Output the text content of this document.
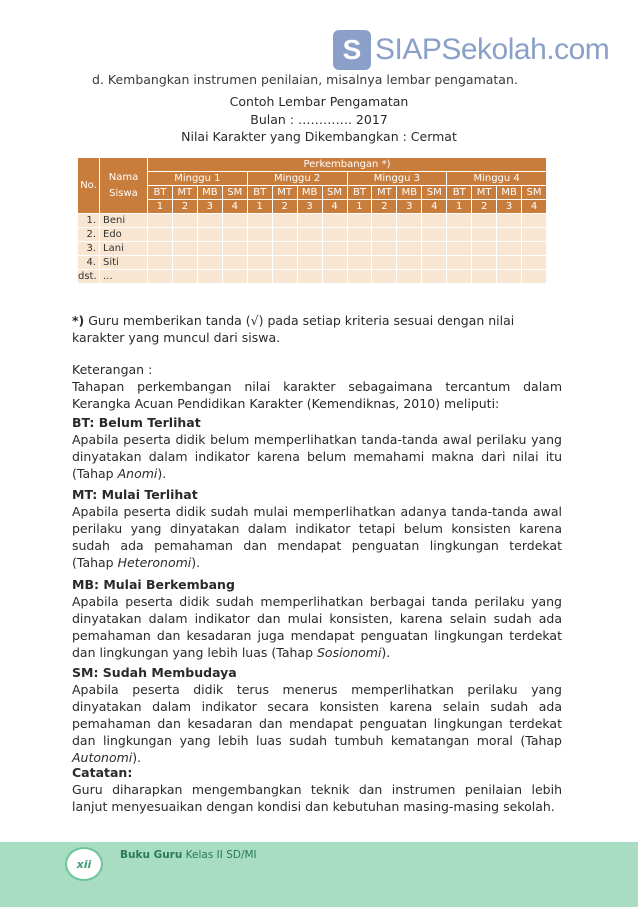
S SIAPSekolah.com
d. Kembangkan instrumen penilaian, misalnya lembar pengamatan.
Contoh Lembar Pengamatan
Bulan : …………. 2017
Nilai Karakter yang Dikembangkan : Cermat
No.	Nama Siswa	Perkembangan *)															
		Minggu 1				Minggu 2				Minggu 3				Minggu 4			
		BT	MT	MB	SM	BT	MT	MB	SM	BT	MT	MB	SM	BT	MT	MB	SM
		1	2	3	4	1	2	3	4	1	2	3	4	1	2	3	4
1.	Beni																
2.	Edo																
3.	Lani																
4.	Siti																
dst.	...																
*) Guru memberikan tanda (√) pada setiap kriteria sesuai dengan nilai karakter yang muncul dari siswa.
Keterangan :
Tahapan perkembangan nilai karakter sebagaimana tercantum dalam Kerangka Acuan Pendidikan Karakter (Kemendiknas, 2010) meliputi:
BT: Belum Terlihat
Apabila peserta didik belum memperlihatkan tanda-tanda awal perilaku yang dinyatakan dalam indikator karena belum memahami makna dari nilai itu (Tahap Anomi).
MT: Mulai Terlihat
Apabila peserta didik sudah mulai memperlihatkan adanya tanda-tanda awal perilaku yang dinyatakan dalam indikator tetapi belum konsisten karena sudah ada pemahaman dan mendapat penguatan lingkungan terdekat (Tahap Heteronomi).
MB: Mulai Berkembang
Apabila peserta didik sudah memperlihatkan berbagai tanda perilaku yang dinyatakan dalam indikator dan mulai konsisten, karena selain sudah ada pemahaman dan kesadaran juga mendapat penguatan lingkungan terdekat dan lingkungan yang lebih luas (Tahap Sosionomi).
SM: Sudah Membudaya
Apabila peserta didik terus menerus memperlihatkan perilaku yang dinyatakan dalam indikator secara konsisten karena selain sudah ada pemahaman dan kesadaran dan mendapat penguatan lingkungan terdekat dan lingkungan yang lebih luas sudah tumbuh kematangan moral (Tahap Autonomi).
Catatan:
Guru diharapkan mengembangkan teknik dan instrumen penilaian lebih lanjut menyesuaikan dengan kondisi dan kebutuhan masing-masing sekolah.
xii
Buku Guru Kelas II SD/MI
